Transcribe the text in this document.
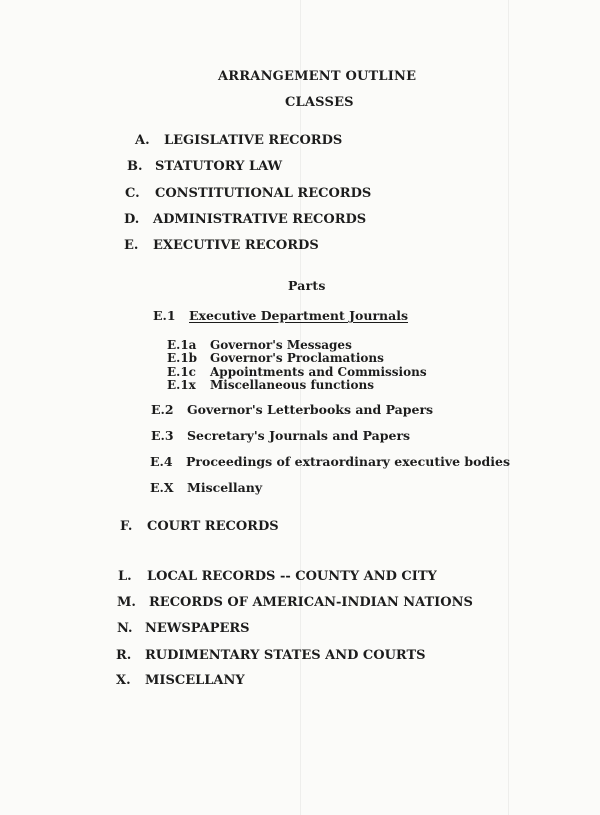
ARRANGEMENT OUTLINE
CLASSES
A. LEGISLATIVE RECORDS
B. STATUTORY LAW
C. CONSTITUTIONAL RECORDS
D. ADMINISTRATIVE RECORDS
E. EXECUTIVE RECORDS
Parts
E.1 Executive Department Journals
E.1a Governor's Messages
E.1b Governor's Proclamations
E.1c Appointments and Commissions
E.1x Miscellaneous functions
E.2 Governor's Letterbooks and Papers
E.3 Secretary's Journals and Papers
E.4 Proceedings of extraordinary executive bodies
E.X Miscellany
F. COURT RECORDS
L. LOCAL RECORDS -- COUNTY AND CITY
M. RECORDS OF AMERICAN-INDIAN NATIONS
N. NEWSPAPERS
R. RUDIMENTARY STATES AND COURTS
X. MISCELLANY
